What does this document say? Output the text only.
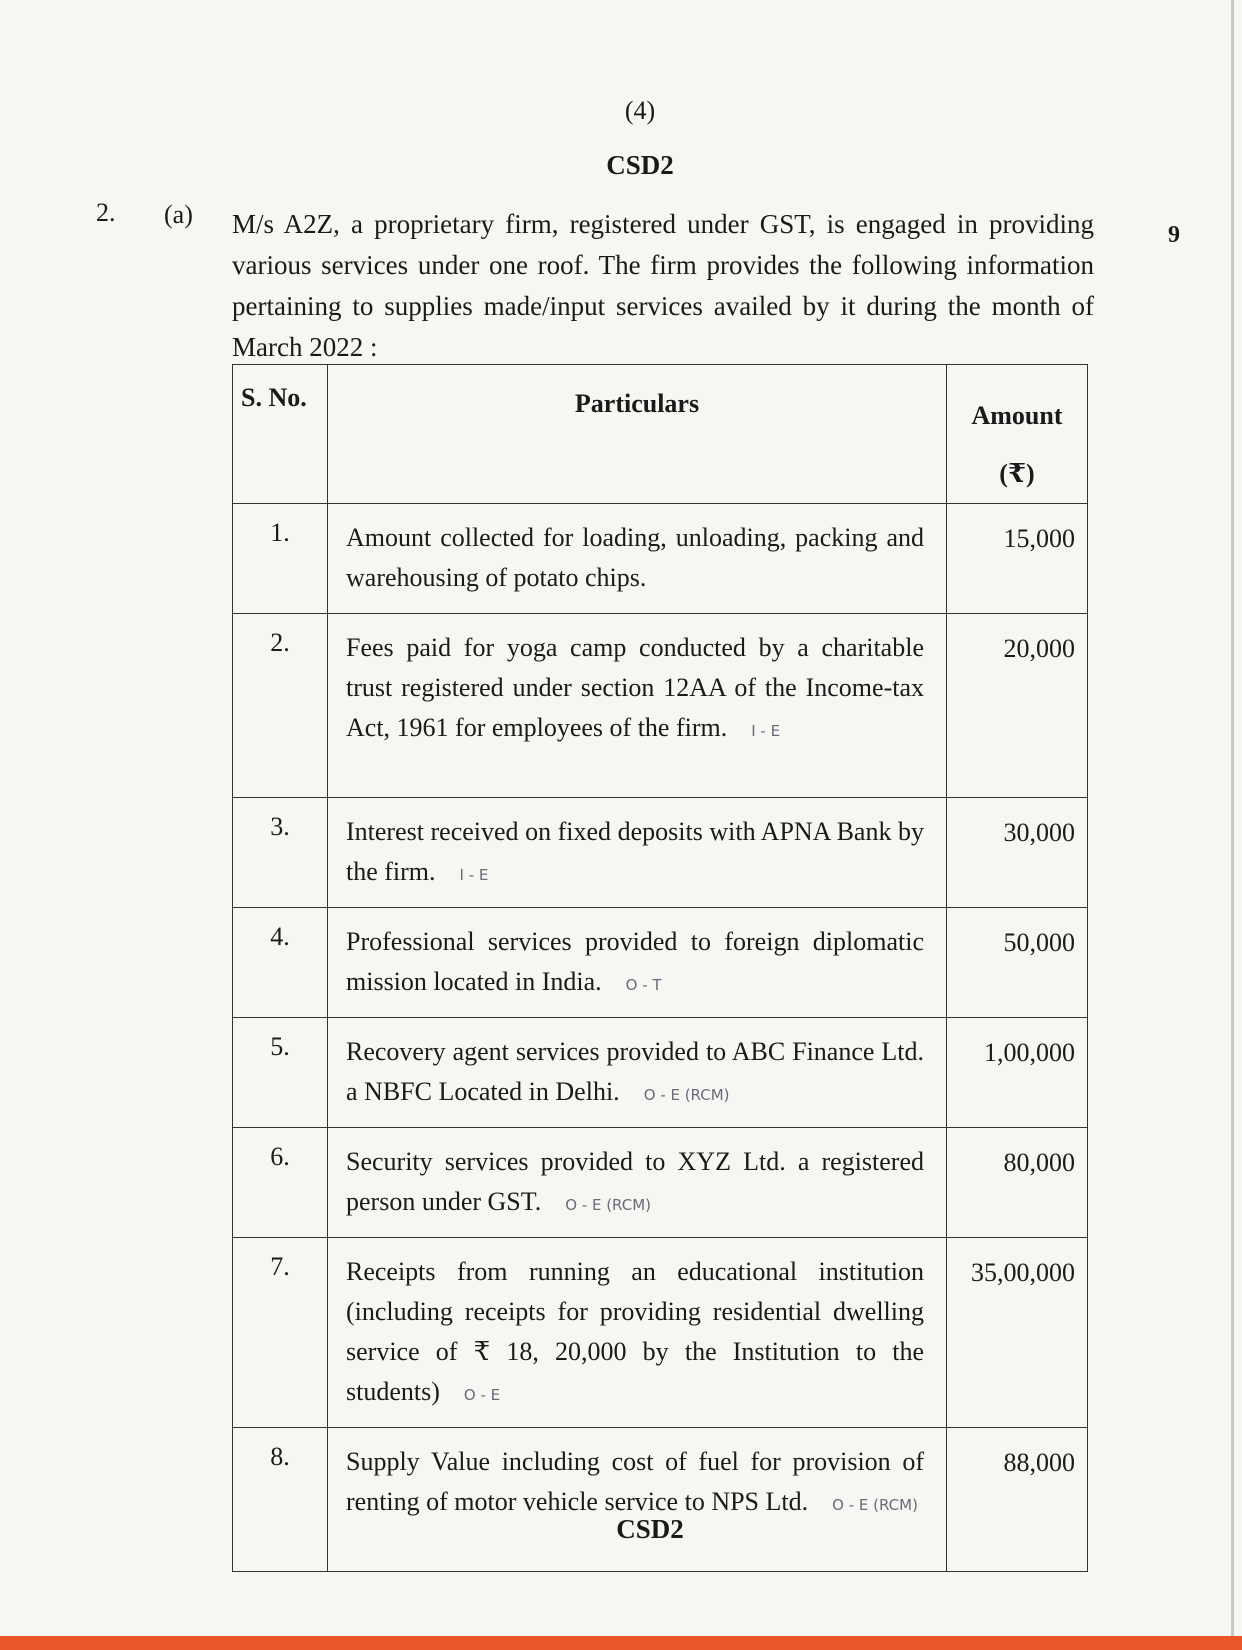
(4)
CSD2
2. (a)
9
M/s A2Z, a proprietary firm, registered under GST, is engaged in providing various services under one roof. The firm provides the following information pertaining to supplies made/input services availed by it during the month of March 2022 :
S. No.	Particulars	Amount
(₹)

1.	Amount collected for loading, unloading, packing and warehousing of potato chips.	15,000
2.	Fees paid for yoga camp conducted by a charitable trust registered under section 12AA of the Income-tax Act, 1961 for employees of the firm. I - E	20,000
3.	Interest received on fixed deposits with APNA Bank by the firm. I - E	30,000
4.	Professional services provided to foreign diplomatic mission located in India. O - T	50,000
5.	Recovery agent services provided to ABC Finance Ltd. a NBFC Located in Delhi. O - E (RCM)	1,00,000
6.	Security services provided to XYZ Ltd. a registered person under GST. O - E (RCM)	80,000
7.	Receipts from running an educational institution (including receipts for providing residential dwelling service of ₹ 18, 20,000 by the Institution to the students) O - E	35,00,000
8.	Supply Value including cost of fuel for provision of renting of motor vehicle service to NPS Ltd. O - E (RCM)	88,000
CSD2
